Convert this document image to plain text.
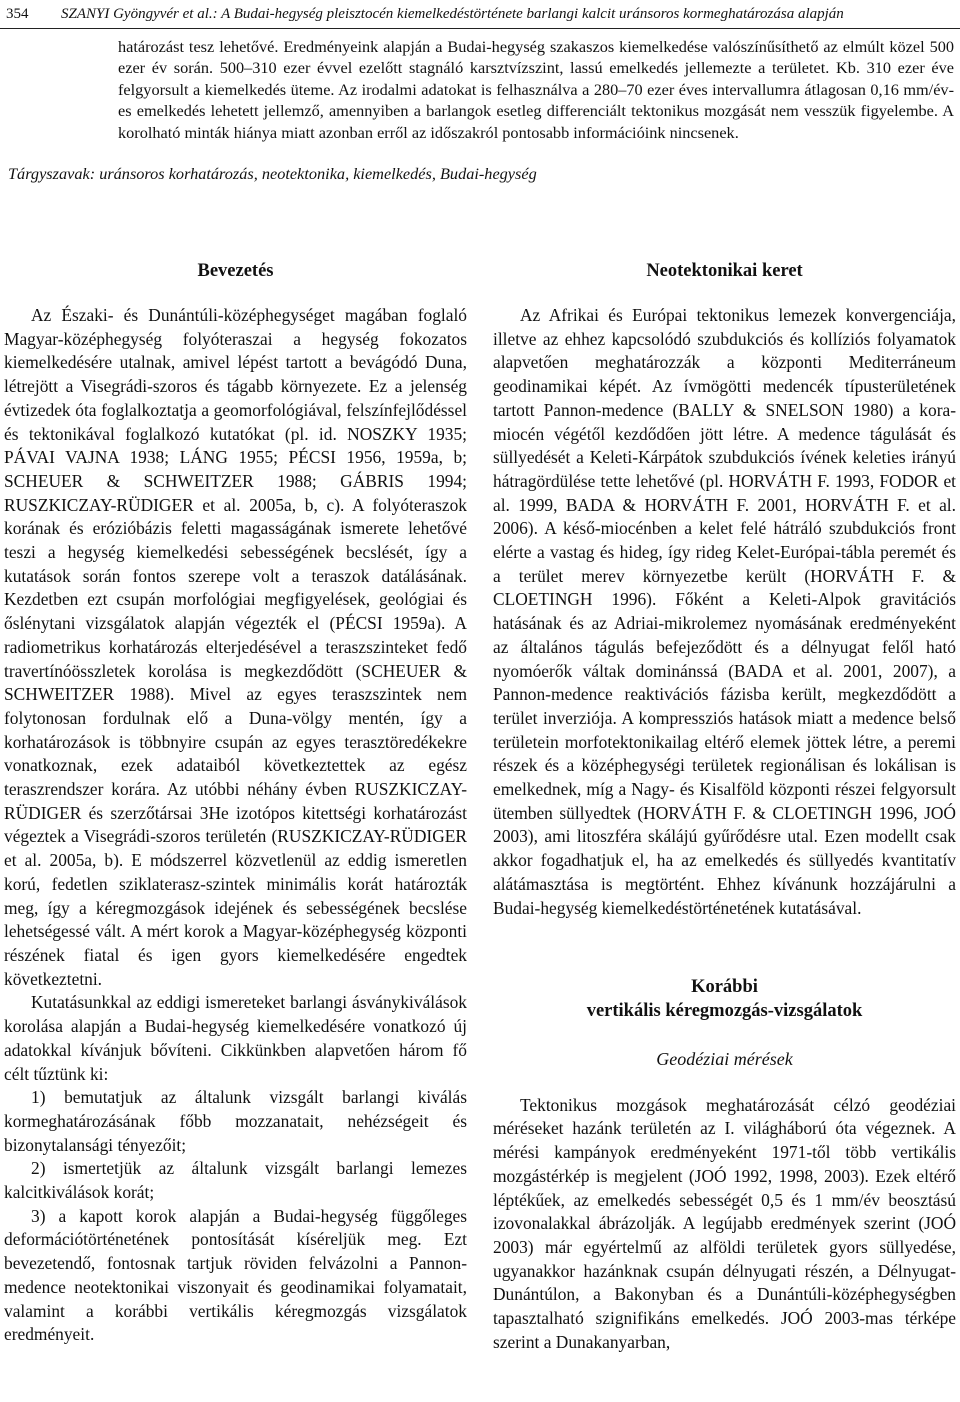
354 SZANYI Gyöngyvér et al.: A Budai-hegység pleisztocén kiemelkedéstörténete barlangi kalcit uránsoros kormeghatározása alapján

határozást tesz lehetővé. Eredményeink alapján a Budai-hegység szakaszos kiemelkedése valószínűsíthető az elmúlt közel 500 ezer év során. 500–310 ezer évvel ezelőtt stagnáló karsztvízszint, lassú emelkedés jellemezte a területet. Kb. 310 ezer éve felgyorsult a kiemelkedés üteme. Az irodalmi adatokat is felhasználva a 280–70 ezer éves intervallumra átlagosan 0,16 mm/év-es emelkedés lehetett jellemző, amennyiben a barlangok esetleg differenciált tektonikus mozgását nem vesszük figyelembe. A korolható minták hiánya miatt azonban erről az időszakról pontosabb információink nincsenek.

Tárgyszavak: uránsoros korhatározás, neotektonika, kiemelkedés, Budai-hegység
Bevezetés

Az Északi- és Dunántúli-középhegységet magában foglaló Magyar-középhegység folyóteraszai a hegység fokozatos kiemelkedésére utalnak, amivel lépést tartott a bevágódó Duna, létrejött a Visegrádi-szoros és tágabb környezete. Ez a jelenség évtizedek óta foglalkoztatja a geomorfológiával, felszínfejlődéssel és tektonikával foglalkozó kutatókat (pl. id. NOSZKY 1935; PÁVAI VAJNA 1938; LÁNG 1955; PÉCSI 1956, 1959a, b; SCHEUER & SCHWEITZER 1988; GÁBRIS 1994; RUSZKICZAY-RÜDIGER et al. 2005a, b, c). A folyóteraszok korának és erózióbázis feletti magasságának ismerete lehetővé teszi a hegység kiemelkedési sebességének becslését, így a kutatások során fontos szerepe volt a teraszok datálásának. Kezdetben ezt csupán morfológiai megfigyelések, geológiai és őslénytani vizsgálatok alapján végezték el (PÉCSI 1959a). A radiometrikus korhatározás elterjedésével a teraszszinteket fedő travertínóösszletek korolása is megkezdődött (SCHEUER & SCHWEITZER 1988). Mivel az egyes teraszszintek nem folytonosan fordulnak elő a Duna-völgy mentén, így a korhatározások is többnyire csupán az egyes terasztöredékekre vonatkoznak, ezek adataiból következtettek az egész teraszrendszer korára. Az utóbbi néhány évben RUSZKICZAY-RÜDIGER és szerzőtársai 3He izotópos kitettségi korhatározást végeztek a Visegrádi-szoros területén (RUSZKICZAY-RÜDIGER et al. 2005a, b). E módszerrel közvetlenül az eddig ismeretlen korú, fedetlen sziklaterasz-szintek minimális korát határozták meg, így a kéregmozgások idejének és sebességének becslése lehetségessé vált. A mért korok a Magyar-középhegység központi részének fiatal és igen gyors kiemelkedésére engedtek következtetni.

Kutatásunkkal az eddigi ismereteket barlangi ásványkiválások korolása alapján a Budai-hegység kiemelkedésére vonatkozó új adatokkal kívánjuk bővíteni. Cikkünkben alapvetően három fő célt tűztünk ki:

1) bemutatjuk az általunk vizsgált barlangi kiválás kormeghatározásának főbb mozzanatait, nehézségeit és bizonytalansági tényezőit;

2) ismertetjük az általunk vizsgált barlangi lemezes kalcitkiválások korát;

3) a kapott korok alapján a Budai-hegység függőleges deformációtörténetének pontosítását kíséreljük meg. Ezt bevezetendő, fontosnak tartjuk röviden felvázolni a Pannon-medence neotektonikai viszonyait és geodinamikai folyamatait, valamint a korábbi vertikális kéregmozgás vizsgálatok eredményeit.

Neotektonikai keret

Az Afrikai és Európai tektonikus lemezek konvergenciája, illetve az ehhez kapcsolódó szubdukciós és kollíziós folyamatok alapvetően meghatározzák a központi Mediterráneum geodinamikai képét. Az ívmögötti medencék típusterületének tartott Pannon-medence (BALLY & SNELSON 1980) a kora-miocén végétől kezdődően jött létre. A medence tágulását és süllyedését a Keleti-Kárpátok szubdukciós ívének keleties irányú hátragördülése tette lehetővé (pl. HORVÁTH F. 1993, FODOR et al. 1999, BADA & HORVÁTH F. 2001, HORVÁTH F. et al. 2006). A késő-miocénben a kelet felé hátráló szubdukciós front elérte a vastag és hideg, így rideg Kelet-Európai-tábla peremét és a terület merev környezetbe került (HORVÁTH F. & CLOETINGH 1996). Főként a Keleti-Alpok gravitációs hatásának és az Adriai-mikrolemez nyomásának eredményeként az általános tágulás befejeződött és a délnyugat felől ható nyomóerők váltak dominánssá (BADA et al. 2001, 2007), a Pannon-medence reaktivációs fázisba került, megkezdődött a terület inverziója. A kompressziós hatások miatt a medence belső területein morfotektonikailag eltérő elemek jöttek létre, a peremi részek és a középhegységi területek regionálisan és lokálisan is emelkednek, míg a Nagy- és Kisalföld központi részei felgyorsult ütemben süllyedtek (HORVÁTH F. & CLOETINGH 1996, JOÓ 2003), ami litoszféra skálájú gyűrődésre utal. Ezen modellt csak akkor fogadhatjuk el, ha az emelkedés és süllyedés kvantitatív alátámasztása is megtörtént. Ehhez kívánunk hozzájárulni a Budai-hegység kiemelkedéstörténetének kutatásával.

Korábbi
vertikális kéregmozgás-vizsgálatok
Geodéziai mérések

Tektonikus mozgások meghatározását célzó geodéziai méréseket hazánk területén az I. világháború óta végeznek. A mérési kampányok eredményeként 1971-től több vertikális mozgástérkép is megjelent (JOÓ 1992, 1998, 2003). Ezek eltérő léptékűek, az emelkedés sebességét 0,5 és 1 mm/év beosztású izovonalakkal ábrázolják. A legújabb eredmények szerint (JOÓ 2003) már egyértelmű az alföldi területek gyors süllyedése, ugyanakkor hazánknak csupán délnyugati részén, a Délnyugat-Dunántúlon, a Bakonyban és a Dunántúli-középhegységben tapasztalható szignifikáns emelkedés. JOÓ 2003-mas térképe szerint a Dunakanyarban,
